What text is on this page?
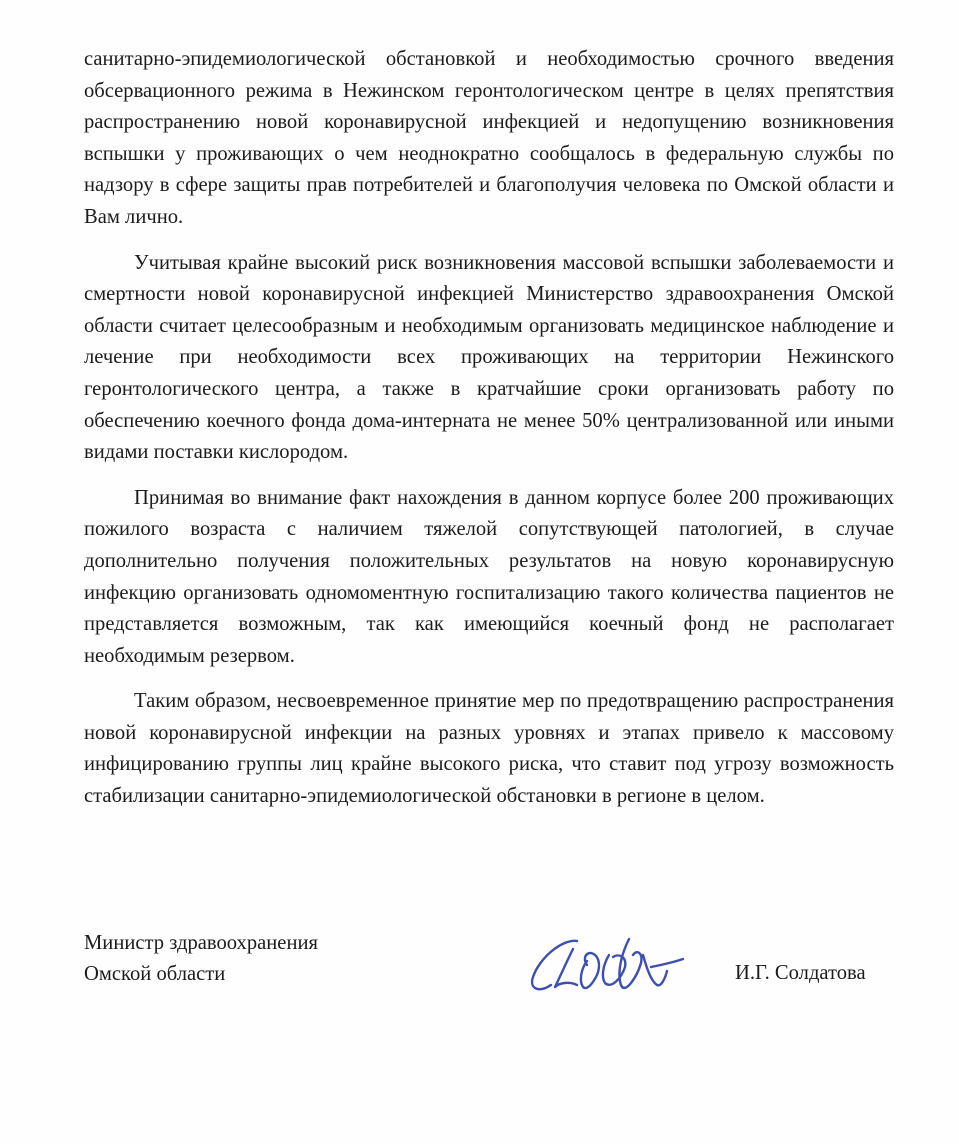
санитарно-эпидемиологической обстановкой и необходимостью срочного введения обсервационного режима в Нежинском геронтологическом центре в целях препятствия распространению новой коронавирусной инфекцией и недопущению возникновения вспышки у проживающих о чем неоднократно сообщалось в федеральную службы по надзору в сфере защиты прав потребителей и благополучия человека по Омской области и Вам лично.

Учитывая крайне высокий риск возникновения массовой вспышки заболеваемости и смертности новой коронавирусной инфекцией Министерство здравоохранения Омской области считает целесообразным и необходимым организовать медицинское наблюдение и лечение при необходимости всех проживающих на территории Нежинского геронтологического центра, а также в кратчайшие сроки организовать работу по обеспечению коечного фонда дома-интерната не менее 50% централизованной или иными видами поставки кислородом.

Принимая во внимание факт нахождения в данном корпусе более 200 проживающих пожилого возраста с наличием тяжелой сопутствующей патологией, в случае дополнительно получения положительных результатов на новую коронавирусную инфекцию организовать одномоментную госпитализацию такого количества пациентов не представляется возможным, так как имеющийся коечный фонд не располагает необходимым резервом.

Таким образом, несвоевременное принятие мер по предотвращению распространения новой коронавирусной инфекции на разных уровнях и этапах привело к массовому инфицированию группы лиц крайне высокого риска, что ставит под угрозу возможность стабилизации санитарно-эпидемиологической обстановки в регионе в целом.

Министр здравоохранения
Омской области	И.Г. Солдатова
